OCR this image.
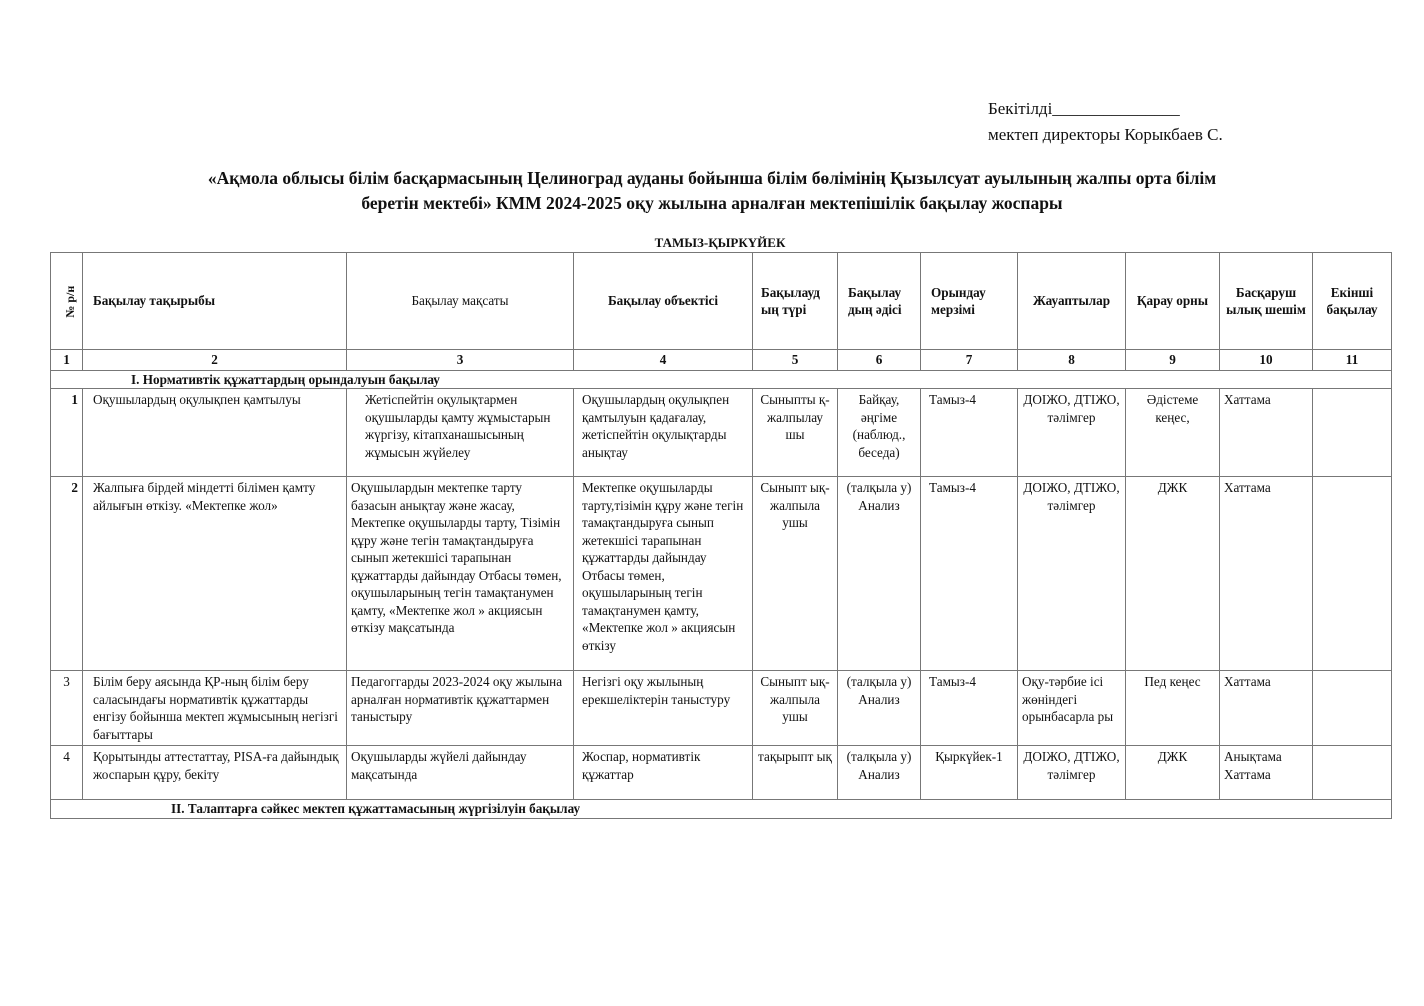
Бекітілді_______________
мектеп директоры Корыкбаев С.
«Ақмола облысы білім басқармасының Целиноград ауданы бойынша білім бөлімінің Қызылсуат ауылының жалпы орта білім
беретін мектебі» КММ 2024-2025 оқу жылына арналған мектепішілік бақылау жоспары
ТАМЫЗ-ҚЫРКҮЙЕК
№ р/н	Бақылау тақырыбы	Бақылау мақсаты	Бақылау объектісі	Бақылауд ың түрі	Бақылау дың әдісі	Орындау мерзімі	Жауаптылар	Қарау орны	Басқаруш ылық шешім	Екінші бақылау
1	2	3	4	5	6	7	8	9	10	11
І. Нормативтік құжаттардың орындалуын бақылау										
1	Оқушылардың оқулықпен қамтылуы	Жетіспейтін оқулықтармен оқушыларды қамту жұмыстарын жүргізу, кітапханашысының жұмысын жүйелеу	Оқушылардың оқулықпен қамтылуын қадағалау, жетіспейтін оқулықтарды анықтау	Сыныпты қ-жалпылау шы	Байқау, әңгіме (наблюд., беседа)	Тамыз-4	ДОІЖО, ДТІЖО, тәлімгер	Әдістеме кеңес,	Хаттама	
2	Жалпыға бірдей міндетті білімен қамту айлығын өткізу. «Мектепке жол»	Оқушылардын мектепке тарту базасын анықтау және жасау, Мектепке оқушыларды тарту, Тізімін құру және тегін тамақтандыруға сынып жетекшісі тарапынан құжаттарды дайындау Отбасы төмен, оқушыларының тегін тамақтанумен қамту, «Мектепке жол » акциясын өткізу мақсатында	Мектепке оқушыларды тарту,тізімін құру және тегін тамақтандыруға сынып жетекшісі тарапынан құжаттарды дайындау Отбасы төмен, оқушыларының тегін тамақтанумен қамту, «Мектепке жол » акциясын өткізу	Сыныпт ық-жалпыла ушы	(талқыла у) Анализ	Тамыз-4	ДОІЖО, ДТІЖО, тәлімгер	ДЖК	Хаттама	
3	Білім беру аясында ҚР-ның білім беру саласындағы нормативтік құжаттарды енгізу бойынша мектеп жұмысының негізгі бағыттары	Педагоггарды 2023-2024 оқу жылына арналған нормативтік құжаттармен таныстыру	Негізгі оқу жылының ерекшеліктерін таныстуру	Сыныпт ық-жалпыла ушы	(талқыла у) Анализ	Тамыз-4	Оқу-тәрбие ісі жөніндегі орынбасарла ры	Пед кеңес	Хаттама	
4	Қорытынды аттестаттау, PISA-ға дайындық жоспарын құру, бекіту	Оқушыларды жүйелі дайындау мақсатында	Жоспар, нормативтік құжаттар	тақырыпт ық	(талқыла у) Анализ	Қыркүйек-1	ДОІЖО, ДТІЖО, тәлімгер	ДЖК	Анықтама Хаттама	
ІІ. Талаптарға сәйкес мектеп құжаттамасының жүргізілуін бақылау										
